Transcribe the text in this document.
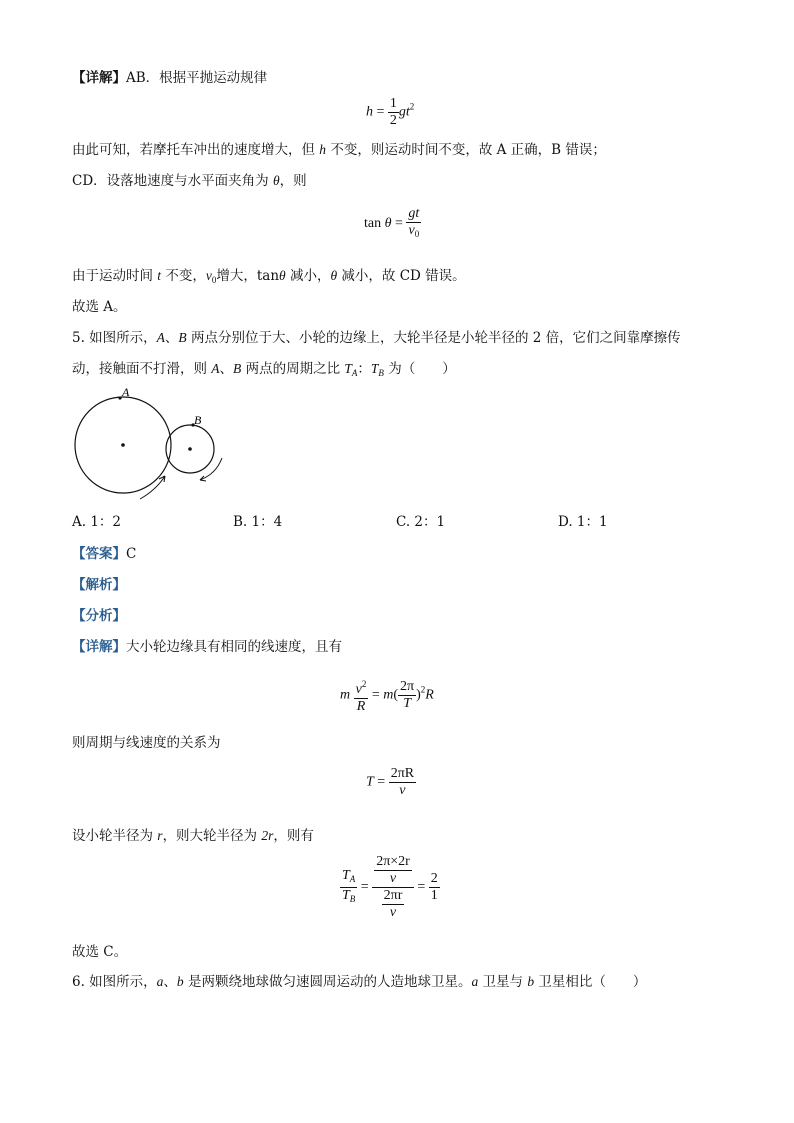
【详解】AB．根据平抛运动规律
$h = \frac{1}{2} gt^2$
由此可知，若摩托车冲出的速度增大，但 h 不变，则运动时间不变，故 A 正确，B 错误；
CD．设落地速度与水平面夹角为 θ，则
$\tan \theta = \frac{gt}{v_0}$
由于运动时间 t 不变，$v_0$增大，tanθ 减小，θ 减小，故 CD 错误。
故选 A。
5. 如图所示，A、B 两点分别位于大、小轮的边缘上，大轮半径是小轮半径的 2 倍，它们之间靠摩擦传
动，接触面不打滑，则 A、B 两点的周期之比 $T_A$：$T_B$ 为（　　）
A
B
A. 1：2	B. 1：4	C. 2：1	D. 1：1
【答案】C
【解析】
【分析】
【详解】大小轮边缘具有相同的线速度，且有
m $\frac{v^2}{R} = m( \frac{2\pi}{T} )^2R$
则周期与线速度的关系为
$T = \frac{2\pi R}{v}$
设小轮半径为 r，则大轮半径为 2r，则有
$\frac{T_A}{T_B} = \frac{\frac{2\pi\times 2r}{v}}{\frac{2\pi r}{v}} = \frac{2}{1}$
故选 C。
6. 如图所示，a、b 是两颗绕地球做匀速圆周运动的人造地球卫星。a 卫星与 b 卫星相比（　　）
